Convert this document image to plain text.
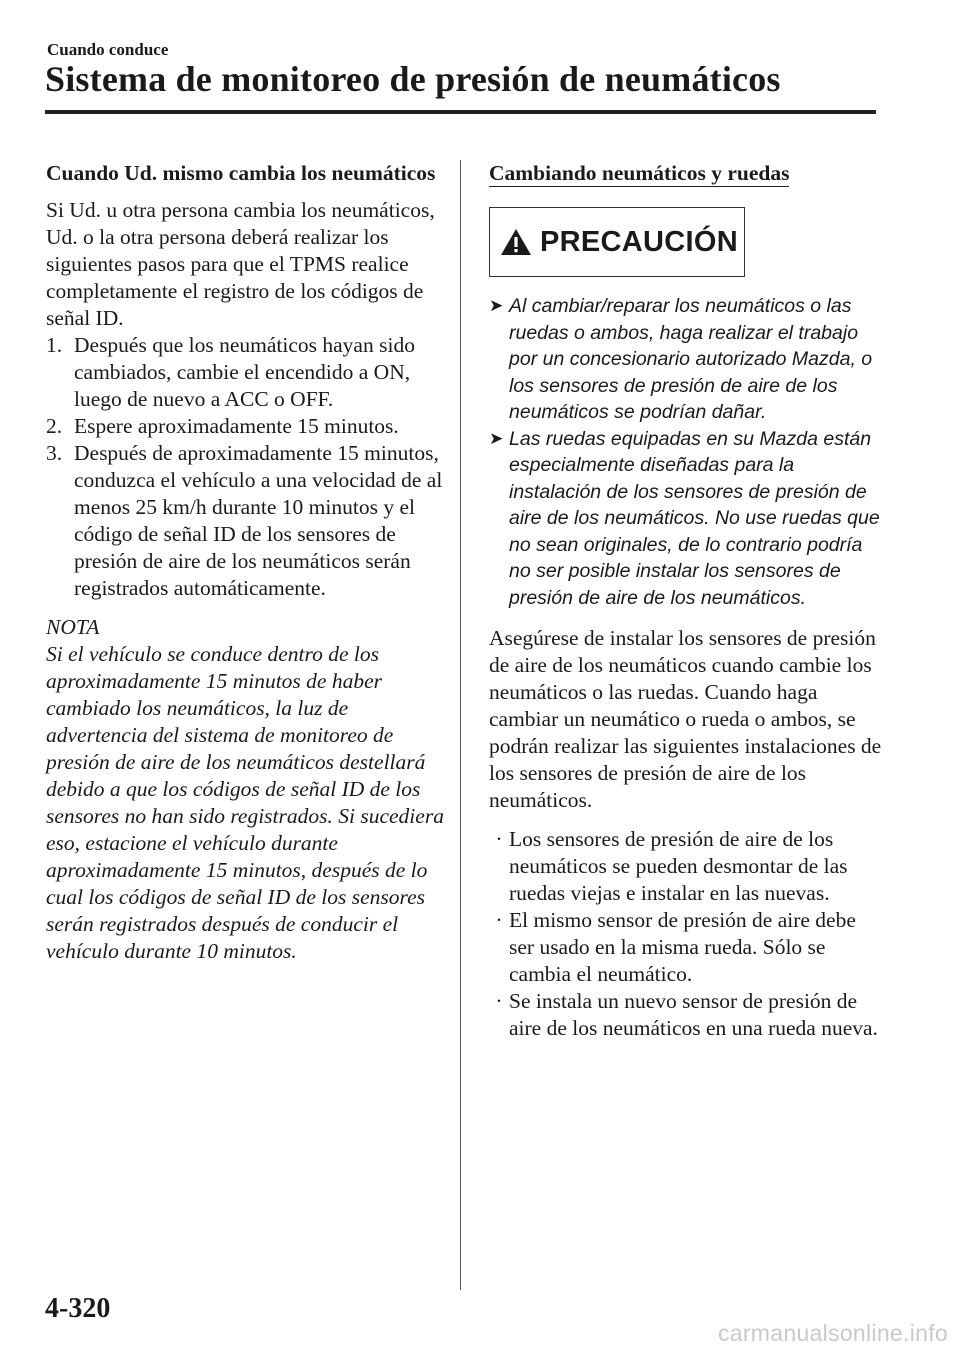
Cuando conduce
Sistema de monitoreo de presión de neumáticos
Cuando Ud. mismo cambia los neumáticos

Si Ud. u otra persona cambia los neumáticos, Ud. o la otra persona deberá realizar los siguientes pasos para que el TPMS realice completamente el registro de los códigos de señal ID.

1. Después que los neumáticos hayan sido cambiados, cambie el encendido a ON, luego de nuevo a ACC o OFF.
2. Espere aproximadamente 15 minutos.
3. Después de aproximadamente 15 minutos, conduzca el vehículo a una velocidad de al menos 25 km/h durante 10 minutos y el código de señal ID de los sensores de presión de aire de los neumáticos serán registrados automáticamente.
NOTA

Si el vehículo se conduce dentro de los aproximadamente 15 minutos de haber cambiado los neumáticos, la luz de advertencia del sistema de monitoreo de presión de aire de los neumáticos destellará debido a que los códigos de señal ID de los sensores no han sido registrados. Si sucediera eso, estacione el vehículo durante aproximadamente 15 minutos, después de lo cual los códigos de señal ID de los sensores serán registrados después de conducir el vehículo durante 10 minutos.

Cambiando neumáticos y ruedas
PRECAUCIÓN
➤ Al cambiar/reparar los neumáticos o las ruedas o ambos, haga realizar el trabajo por un concesionario autorizado Mazda, o los sensores de presión de aire de los neumáticos se podrían dañar.
➤ Las ruedas equipadas en su Mazda están especialmente diseñadas para la instalación de los sensores de presión de aire de los neumáticos. No use ruedas que no sean originales, de lo contrario podría no ser posible instalar los sensores de presión de aire de los neumáticos.

Asegúrese de instalar los sensores de presión de aire de los neumáticos cuando cambie los neumáticos o las ruedas. Cuando haga cambiar un neumático o rueda o ambos, se podrán realizar las siguientes instalaciones de los sensores de presión de aire de los neumáticos.

· Los sensores de presión de aire de los neumáticos se pueden desmontar de las ruedas viejas e instalar en las nuevas.
· El mismo sensor de presión de aire debe ser usado en la misma rueda. Sólo se cambia el neumático.
· Se instala un nuevo sensor de presión de aire de los neumáticos en una rueda nueva.
4-320
carmanualsonline.info
